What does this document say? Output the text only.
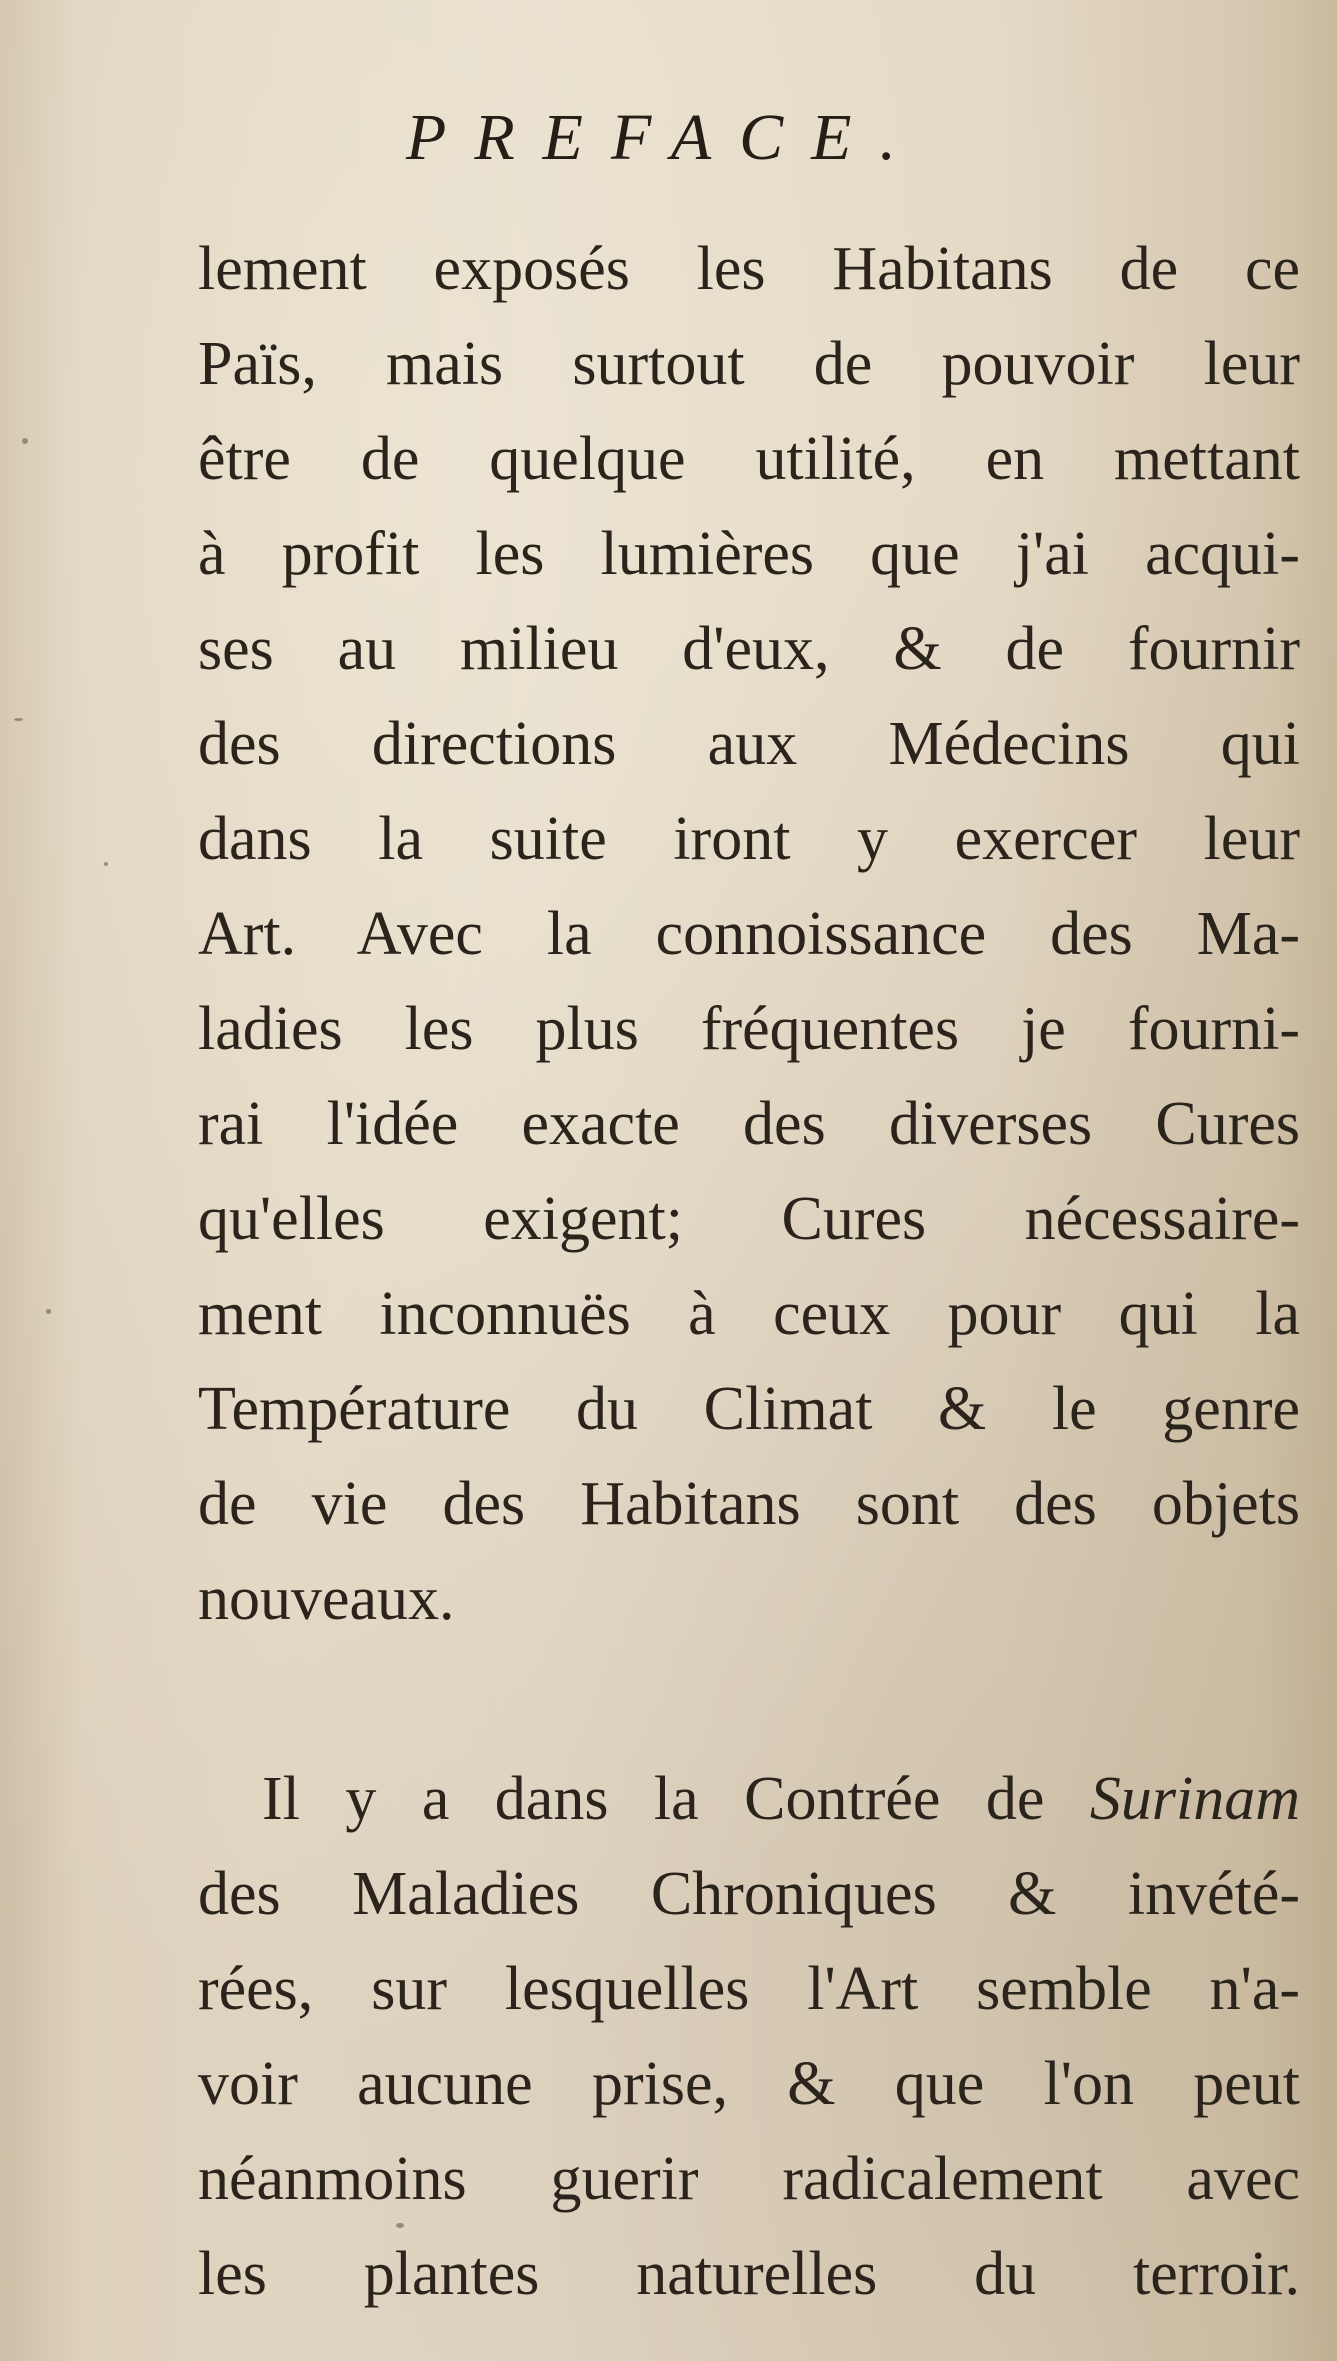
PREFACE.
lement exposés les Habitans de ce
Païs, mais surtout de pouvoir leur
être de quelque utilité, en mettant
à profit les lumières que j'ai acqui-
ses au milieu d'eux, & de fournir
des directions aux Médecins qui
dans la suite iront y exercer leur
Art. Avec la connoissance des Ma-
ladies les plus fréquentes je fourni-
rai l'idée exacte des diverses Cures
qu'elles exigent; Cures nécessaire-
ment inconnuës à ceux pour qui la
Température du Climat & le genre
de vie des Habitans sont des objets
nouveaux.
Il y a dans la Contrée de Surinam
des Maladies Chroniques & invété-
rées, sur lesquelles l'Art semble n'a-
voir aucune prise, & que l'on peut
néanmoins guerir radicalement avec
les plantes naturelles du terroir.
